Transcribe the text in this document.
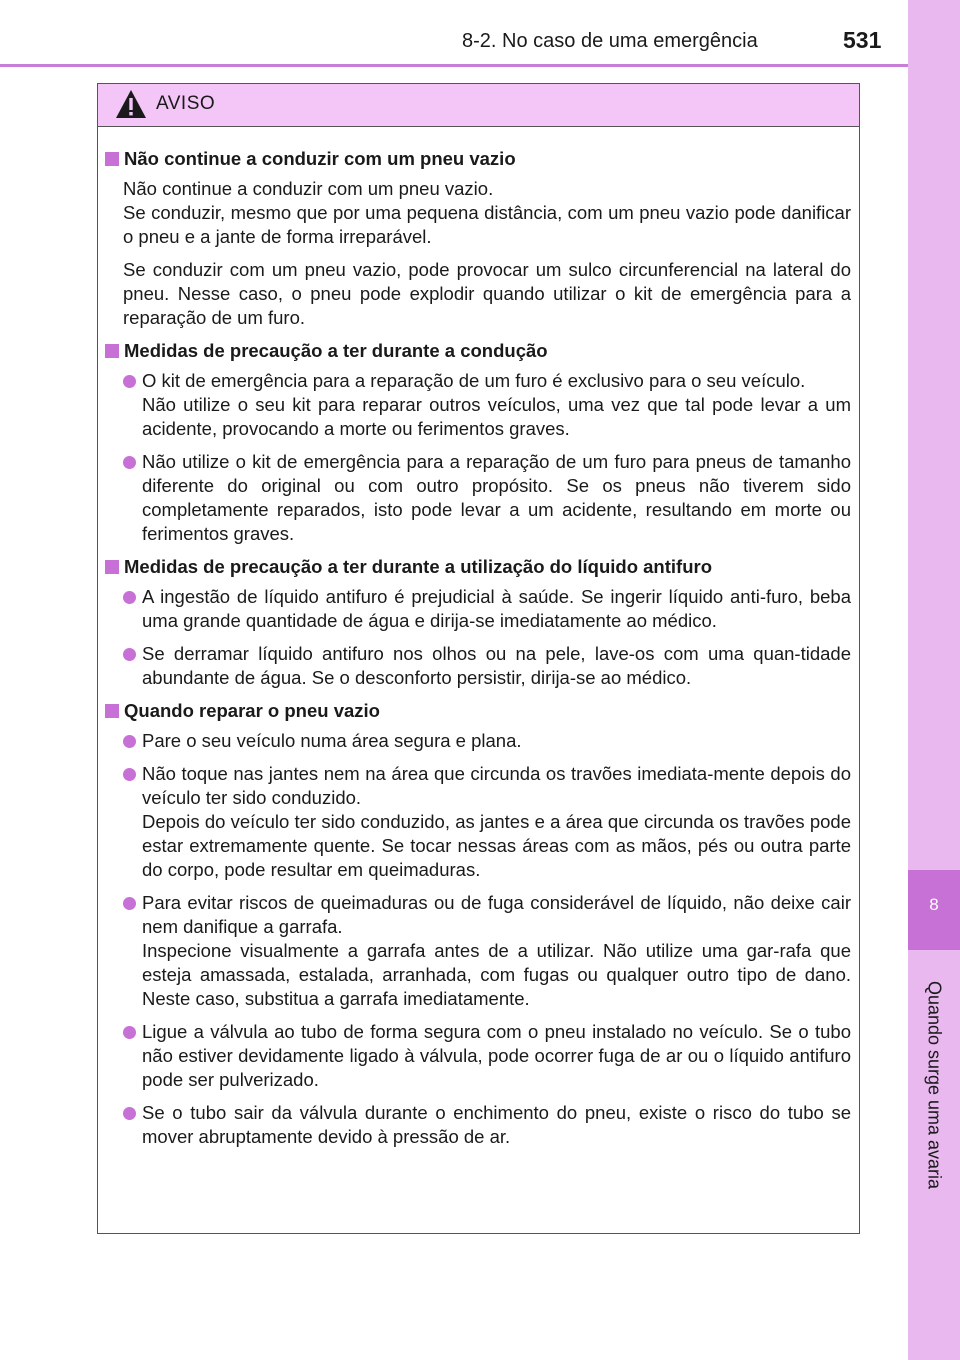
8-2. No caso de uma emergência	531
8
Quando surge uma avaria
AVISO
Não continue a conduzir com um pneu vazio
Não continue a conduzir com um pneu vazio.
Se conduzir, mesmo que por uma pequena distância, com um pneu vazio pode danificar o pneu e a jante de forma irreparável.
Se conduzir com um pneu vazio, pode provocar um sulco circunferencial na lateral do pneu. Nesse caso, o pneu pode explodir quando utilizar o kit de emergência para a reparação de um furo.
Medidas de precaução a ter durante a condução
O kit de emergência para a reparação de um furo é exclusivo para o seu veículo.
Não utilize o seu kit para reparar outros veículos, uma vez que tal pode levar a um acidente, provocando a morte ou ferimentos graves.
Não utilize o kit de emergência para a reparação de um furo para pneus de tamanho diferente do original ou com outro propósito. Se os pneus não tiverem sido completamente reparados, isto pode levar a um acidente, resultando em morte ou ferimentos graves.
Medidas de precaução a ter durante a utilização do líquido antifuro
A ingestão de líquido antifuro é prejudicial à saúde. Se ingerir líquido anti-furo, beba uma grande quantidade de água e dirija-se imediatamente ao médico.
Se derramar líquido antifuro nos olhos ou na pele, lave-os com uma quan-tidade abundante de água. Se o desconforto persistir, dirija-se ao médico.
Quando reparar o pneu vazio
Pare o seu veículo numa área segura e plana.
Não toque nas jantes nem na área que circunda os travões imediata-mente depois do veículo ter sido conduzido.
Depois do veículo ter sido conduzido, as jantes e a área que circunda os travões pode estar extremamente quente. Se tocar nessas áreas com as mãos, pés ou outra parte do corpo, pode resultar em queimaduras.
Para evitar riscos de queimaduras ou de fuga considerável de líquido, não deixe cair nem danifique a garrafa.
Inspecione visualmente a garrafa antes de a utilizar. Não utilize uma gar-rafa que esteja amassada, estalada, arranhada, com fugas ou qualquer outro tipo de dano. Neste caso, substitua a garrafa imediatamente.
Ligue a válvula ao tubo de forma segura com o pneu instalado no veículo. Se o tubo não estiver devidamente ligado à válvula, pode ocorrer fuga de ar ou o líquido antifuro pode ser pulverizado.
Se o tubo sair da válvula durante o enchimento do pneu, existe o risco do tubo se mover abruptamente devido à pressão de ar.
